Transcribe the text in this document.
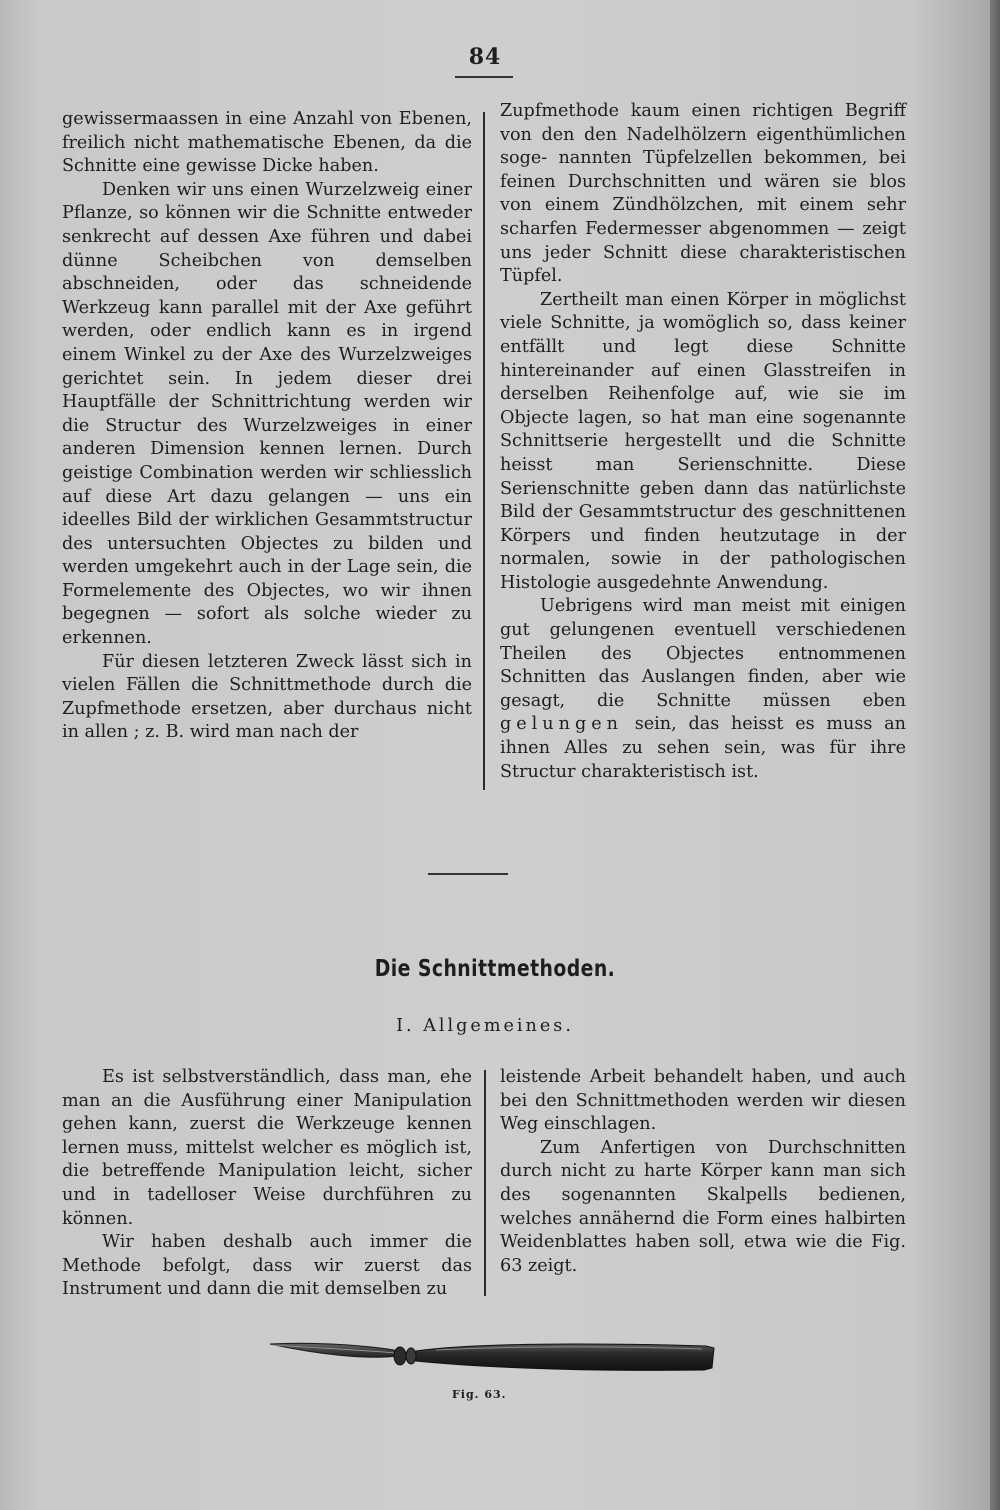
84

gewissermaassen in eine Anzahl von Ebenen, freilich nicht mathematische Ebenen, da die Schnitte eine gewisse Dicke haben.

Denken wir uns einen Wurzelzweig einer Pflanze, so können wir die Schnitte entweder senkrecht auf dessen Axe führen und dabei dünne Scheibchen von demselben abschneiden, oder das schneidende Werkzeug kann parallel mit der Axe geführt werden, oder endlich kann es in irgend einem Winkel zu der Axe des Wurzelzweiges gerichtet sein. In jedem dieser drei Hauptfälle der Schnittrichtung werden wir die Structur des Wurzelzweiges in einer anderen Dimension kennen lernen. Durch geistige Combination werden wir schliesslich auf diese Art dazu gelangen — uns ein ideelles Bild der wirklichen Gesammtstructur des untersuchten Objectes zu bilden und werden umgekehrt auch in der Lage sein, die Formelemente des Objectes, wo wir ihnen begegnen — sofort als solche wieder zu erkennen.

Für diesen letzteren Zweck lässt sich in vielen Fällen die Schnittmethode durch die Zupfmethode ersetzen, aber durchaus nicht in allen ; z. B. wird man nach der

Zupfmethode kaum einen richtigen Begriff von den den Nadelhölzern eigenthümlichen soge- nannten Tüpfelzellen bekommen, bei feinen Durchschnitten und wären sie blos von einem Zündhölzchen, mit einem sehr scharfen Federmesser abgenommen — zeigt uns jeder Schnitt diese charakteristischen Tüpfel.

Zertheilt man einen Körper in möglichst viele Schnitte, ja womöglich so, dass keiner entfällt und legt diese Schnitte hintereinander auf einen Glasstreifen in derselben Reihenfolge auf, wie sie im Objecte lagen, so hat man eine sogenannte Schnittserie hergestellt und die Schnitte heisst man Serienschnitte. Diese Serienschnitte geben dann das natürlichste Bild der Gesammtstructur des geschnittenen Körpers und finden heutzutage in der normalen, sowie in der pathologischen Histologie ausgedehnte Anwendung.

Uebrigens wird man meist mit einigen gut gelungenen eventuell verschiedenen Theilen des Objectes entnommenen Schnitten das Auslangen finden, aber wie gesagt, die Schnitte müssen eben gelungen sein, das heisst es muss an ihnen Alles zu sehen sein, was für ihre Structur charakteristisch ist.

Die Schnittmethoden.
I. Allgemeines.

Es ist selbstverständlich, dass man, ehe man an die Ausführung einer Manipulation gehen kann, zuerst die Werkzeuge kennen lernen muss, mittelst welcher es möglich ist, die betreffende Manipulation leicht, sicher und in tadelloser Weise durchführen zu können.

Wir haben deshalb auch immer die Methode befolgt, dass wir zuerst das Instrument und dann die mit demselben zu

leistende Arbeit behandelt haben, und auch bei den Schnittmethoden werden wir diesen Weg einschlagen.

Zum Anfertigen von Durchschnitten durch nicht zu harte Körper kann man sich des sogenannten Skalpells bedienen, welches annähernd die Form eines halbirten Weidenblattes haben soll, etwa wie die Fig. 63 zeigt.

Fig. 63.
